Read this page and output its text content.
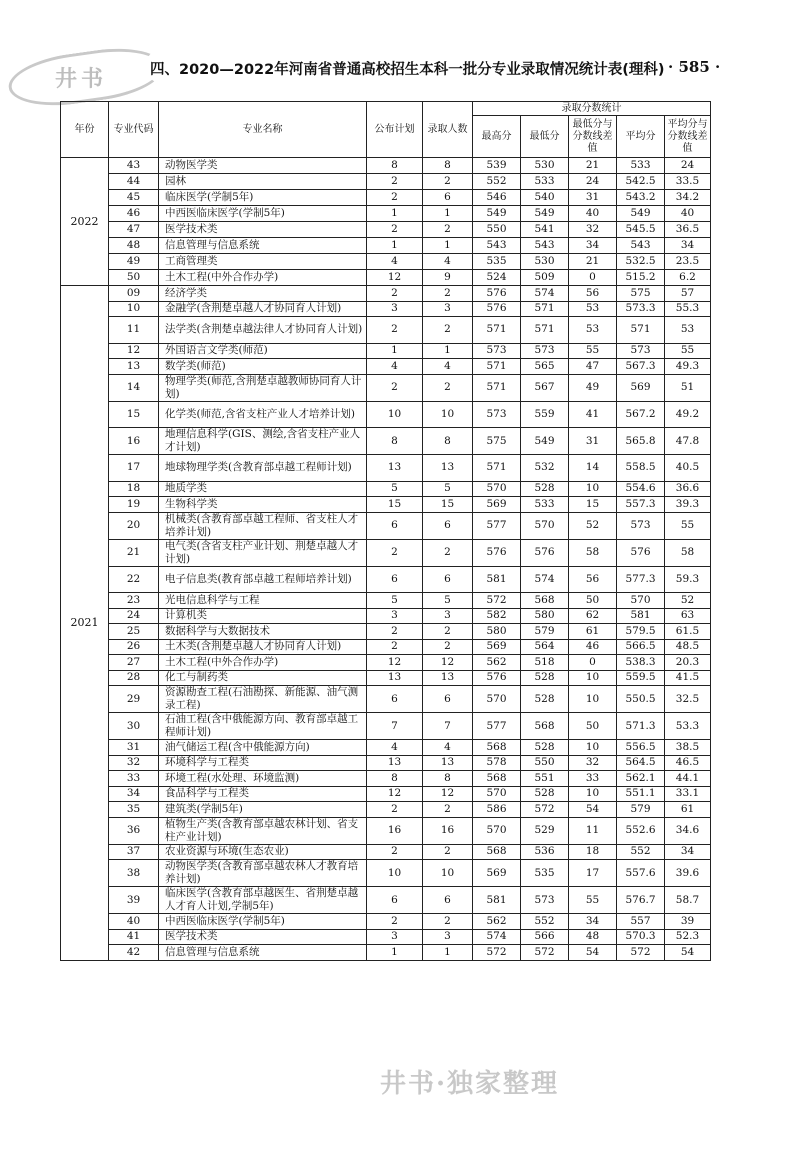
井书	四、2020—2022年河南省普通高校招生本科一批分专业录取情况统计表(理科) · 585 ·
年份	专业代码	专业名称	公布计划	录取人数	录取分数统计				
					最高分	最低分	最低分与分数线差值	平均分	平均分与分数线差值
2022	43	动物医学类	8	8	539	530	21	533	24
	44	园林	2	2	552	533	24	542.5	33.5
	45	临床医学(学制5年)	2	6	546	540	31	543.2	34.2
	46	中西医临床医学(学制5年)	1	1	549	549	40	549	40
	47	医学技术类	2	2	550	541	32	545.5	36.5
	48	信息管理与信息系统	1	1	543	543	34	543	34
	49	工商管理类	4	4	535	530	21	532.5	23.5
	50	土木工程(中外合作办学)	12	9	524	509	0	515.2	6.2
2021	09	经济学类	2	2	576	574	56	575	57
	10	金融学(含荆楚卓越人才协同育人计划)	3	3	576	571	53	573.3	55.3
	11	法学类(含荆楚卓越法律人才协同育人计划)	2	2	571	571	53	571	53
	12	外国语言文学类(师范)	1	1	573	573	55	573	55
	13	数学类(师范)	4	4	571	565	47	567.3	49.3
	14	物理学类(师范,含荆楚卓越教师协同育人计划)	2	2	571	567	49	569	51
	15	化学类(师范,含省支柱产业人才培养计划)	10	10	573	559	41	567.2	49.2
	16	地理信息科学(GIS、测绘,含省支柱产业人才计划)	8	8	575	549	31	565.8	47.8
	17	地球物理学类(含教育部卓越工程师计划)	13	13	571	532	14	558.5	40.5
	18	地质学类	5	5	570	528	10	554.6	36.6
	19	生物科学类	15	15	569	533	15	557.3	39.3
	20	机械类(含教育部卓越工程师、省支柱人才培养计划)	6	6	577	570	52	573	55
	21	电气类(含省支柱产业计划、荆楚卓越人才计划)	2	2	576	576	58	576	58
	22	电子信息类(教育部卓越工程师培养计划)	6	6	581	574	56	577.3	59.3
	23	光电信息科学与工程	5	5	572	568	50	570	52
	24	计算机类	3	3	582	580	62	581	63
	25	数据科学与大数据技术	2	2	580	579	61	579.5	61.5
	26	土木类(含荆楚卓越人才协同育人计划)	2	2	569	564	46	566.5	48.5
	27	土木工程(中外合作办学)	12	12	562	518	0	538.3	20.3
	28	化工与制药类	13	13	576	528	10	559.5	41.5
	29	资源勘查工程(石油勘探、新能源、油气测录工程)	6	6	570	528	10	550.5	32.5
	30	石油工程(含中俄能源方向、教育部卓越工程师计划)	7	7	577	568	50	571.3	53.3
	31	油气储运工程(含中俄能源方向)	4	4	568	528	10	556.5	38.5
	32	环境科学与工程类	13	13	578	550	32	564.5	46.5
	33	环境工程(水处理、环境监测)	8	8	568	551	33	562.1	44.1
	34	食品科学与工程类	12	12	570	528	10	551.1	33.1
	35	建筑类(学制5年)	2	2	586	572	54	579	61
	36	植物生产类(含教育部卓越农林计划、省支柱产业计划)	16	16	570	529	11	552.6	34.6
	37	农业资源与环境(生态农业)	2	2	568	536	18	552	34
	38	动物医学类(含教育部卓越农林人才教育培养计划)	10	10	569	535	17	557.6	39.6
	39	临床医学(含教育部卓越医生、省荆楚卓越人才育人计划,学制5年)	6	6	581	573	55	576.7	58.7
	40	中西医临床医学(学制5年)	2	2	562	552	34	557	39
	41	医学技术类	3	3	574	566	48	570.3	52.3
	42	信息管理与信息系统	1	1	572	572	54	572	54
井书·独家整理
